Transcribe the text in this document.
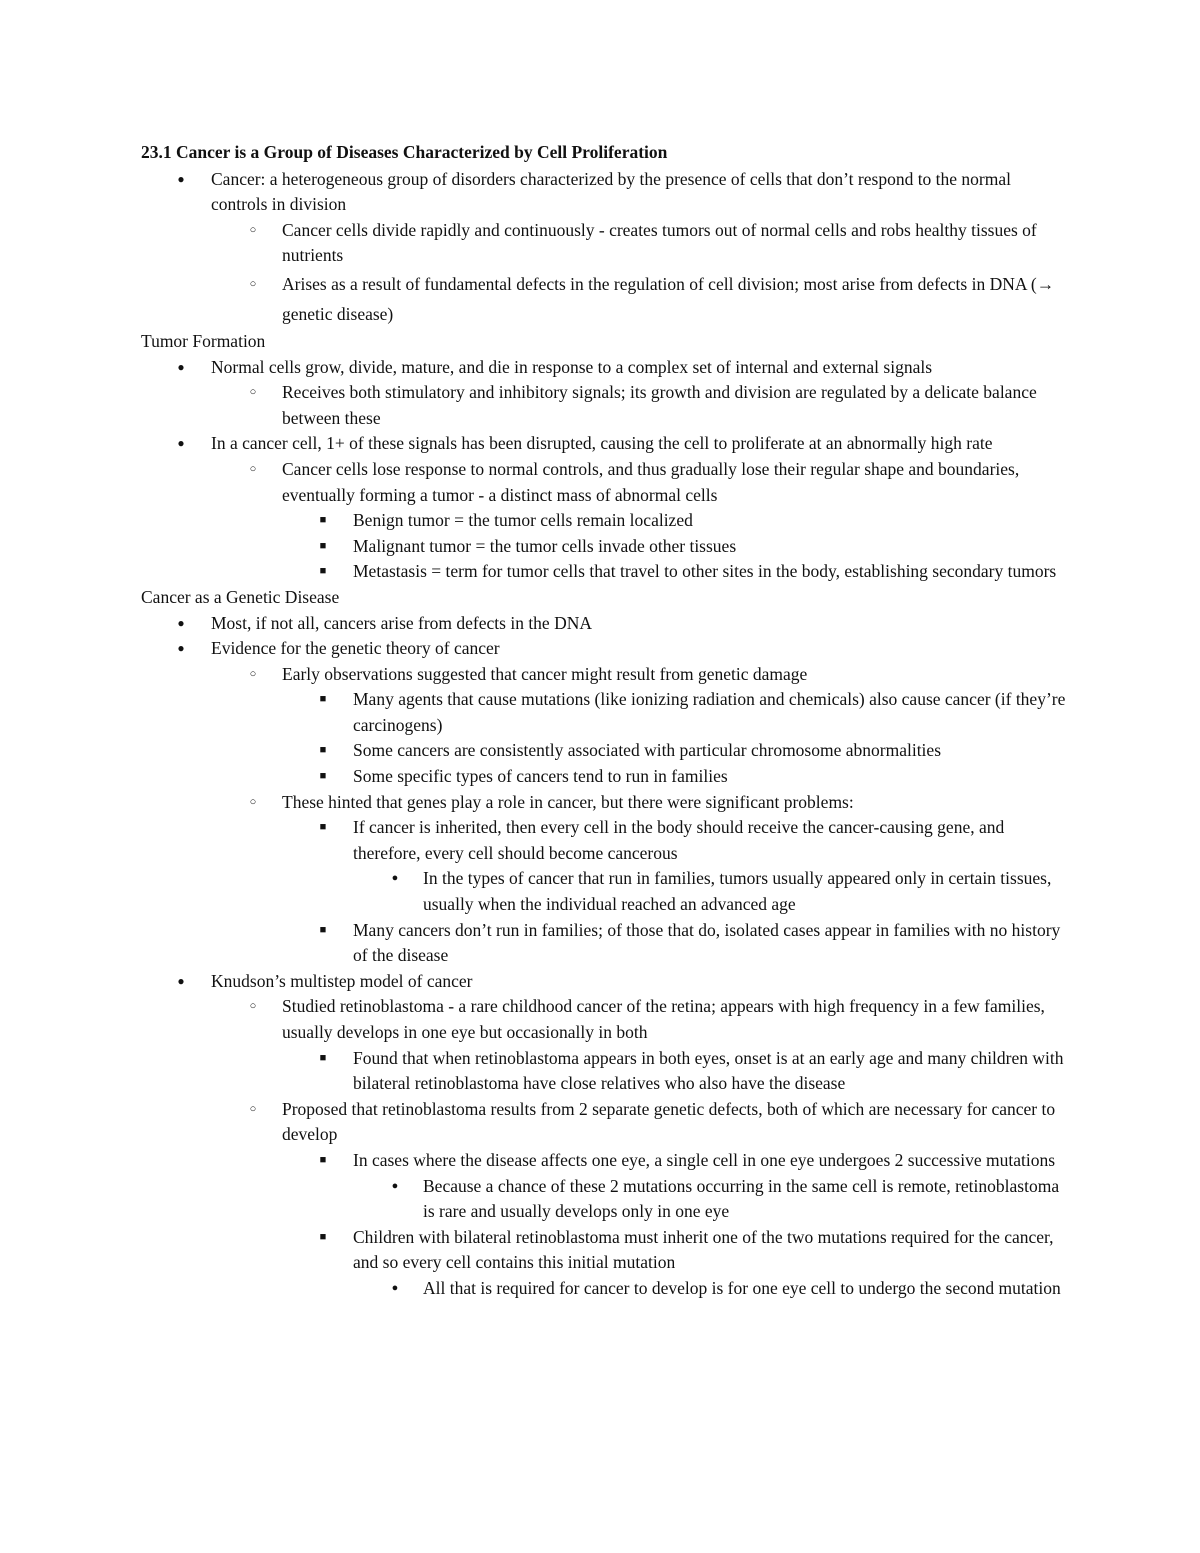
23.1 Cancer is a Group of Diseases Characterized by Cell Proliferation
●	Cancer: a heterogeneous group of disorders characterized by the presence of cells that don’t respond to the normal controls in division
○	Cancer cells divide rapidly and continuously - creates tumors out of normal cells and robs healthy tissues of nutrients
○	Arises as a result of fundamental defects in the regulation of cell division; most arise from defects in DNA (→ genetic disease)
Tumor Formation
●	Normal cells grow, divide, mature, and die in response to a complex set of internal and external signals
○	Receives both stimulatory and inhibitory signals; its growth and division are regulated by a delicate balance between these
●	In a cancer cell, 1+ of these signals has been disrupted, causing the cell to proliferate at an abnormally high rate
○	Cancer cells lose response to normal controls, and thus gradually lose their regular shape and boundaries, eventually forming a tumor - a distinct mass of abnormal cells
■	Benign tumor = the tumor cells remain localized
■	Malignant tumor = the tumor cells invade other tissues
■	Metastasis = term for tumor cells that travel to other sites in the body, establishing secondary tumors
Cancer as a Genetic Disease
●	Most, if not all, cancers arise from defects in the DNA
●	Evidence for the genetic theory of cancer
○	Early observations suggested that cancer might result from genetic damage
■	Many agents that cause mutations (like ionizing radiation and chemicals) also cause cancer (if they’re carcinogens)
■	Some cancers are consistently associated with particular chromosome abnormalities
■	Some specific types of cancers tend to run in families
○	These hinted that genes play a role in cancer, but there were significant problems:
■	If cancer is inherited, then every cell in the body should receive the cancer-causing gene, and therefore, every cell should become cancerous
●	In the types of cancer that run in families, tumors usually appeared only in certain tissues, usually when the individual reached an advanced age
■	Many cancers don’t run in families; of those that do, isolated cases appear in families with no history of the disease
●	Knudson’s multistep model of cancer
○	Studied retinoblastoma - a rare childhood cancer of the retina; appears with high frequency in a few families, usually develops in one eye but occasionally in both
■	Found that when retinoblastoma appears in both eyes, onset is at an early age and many children with bilateral retinoblastoma have close relatives who also have the disease
○	Proposed that retinoblastoma results from 2 separate genetic defects, both of which are necessary for cancer to develop
■	In cases where the disease affects one eye, a single cell in one eye undergoes 2 successive mutations
●	Because a chance of these 2 mutations occurring in the same cell is remote, retinoblastoma is rare and usually develops only in one eye
■	Children with bilateral retinoblastoma must inherit one of the two mutations required for the cancer, and so every cell contains this initial mutation
●	All that is required for cancer to develop is for one eye cell to undergo the second mutation
